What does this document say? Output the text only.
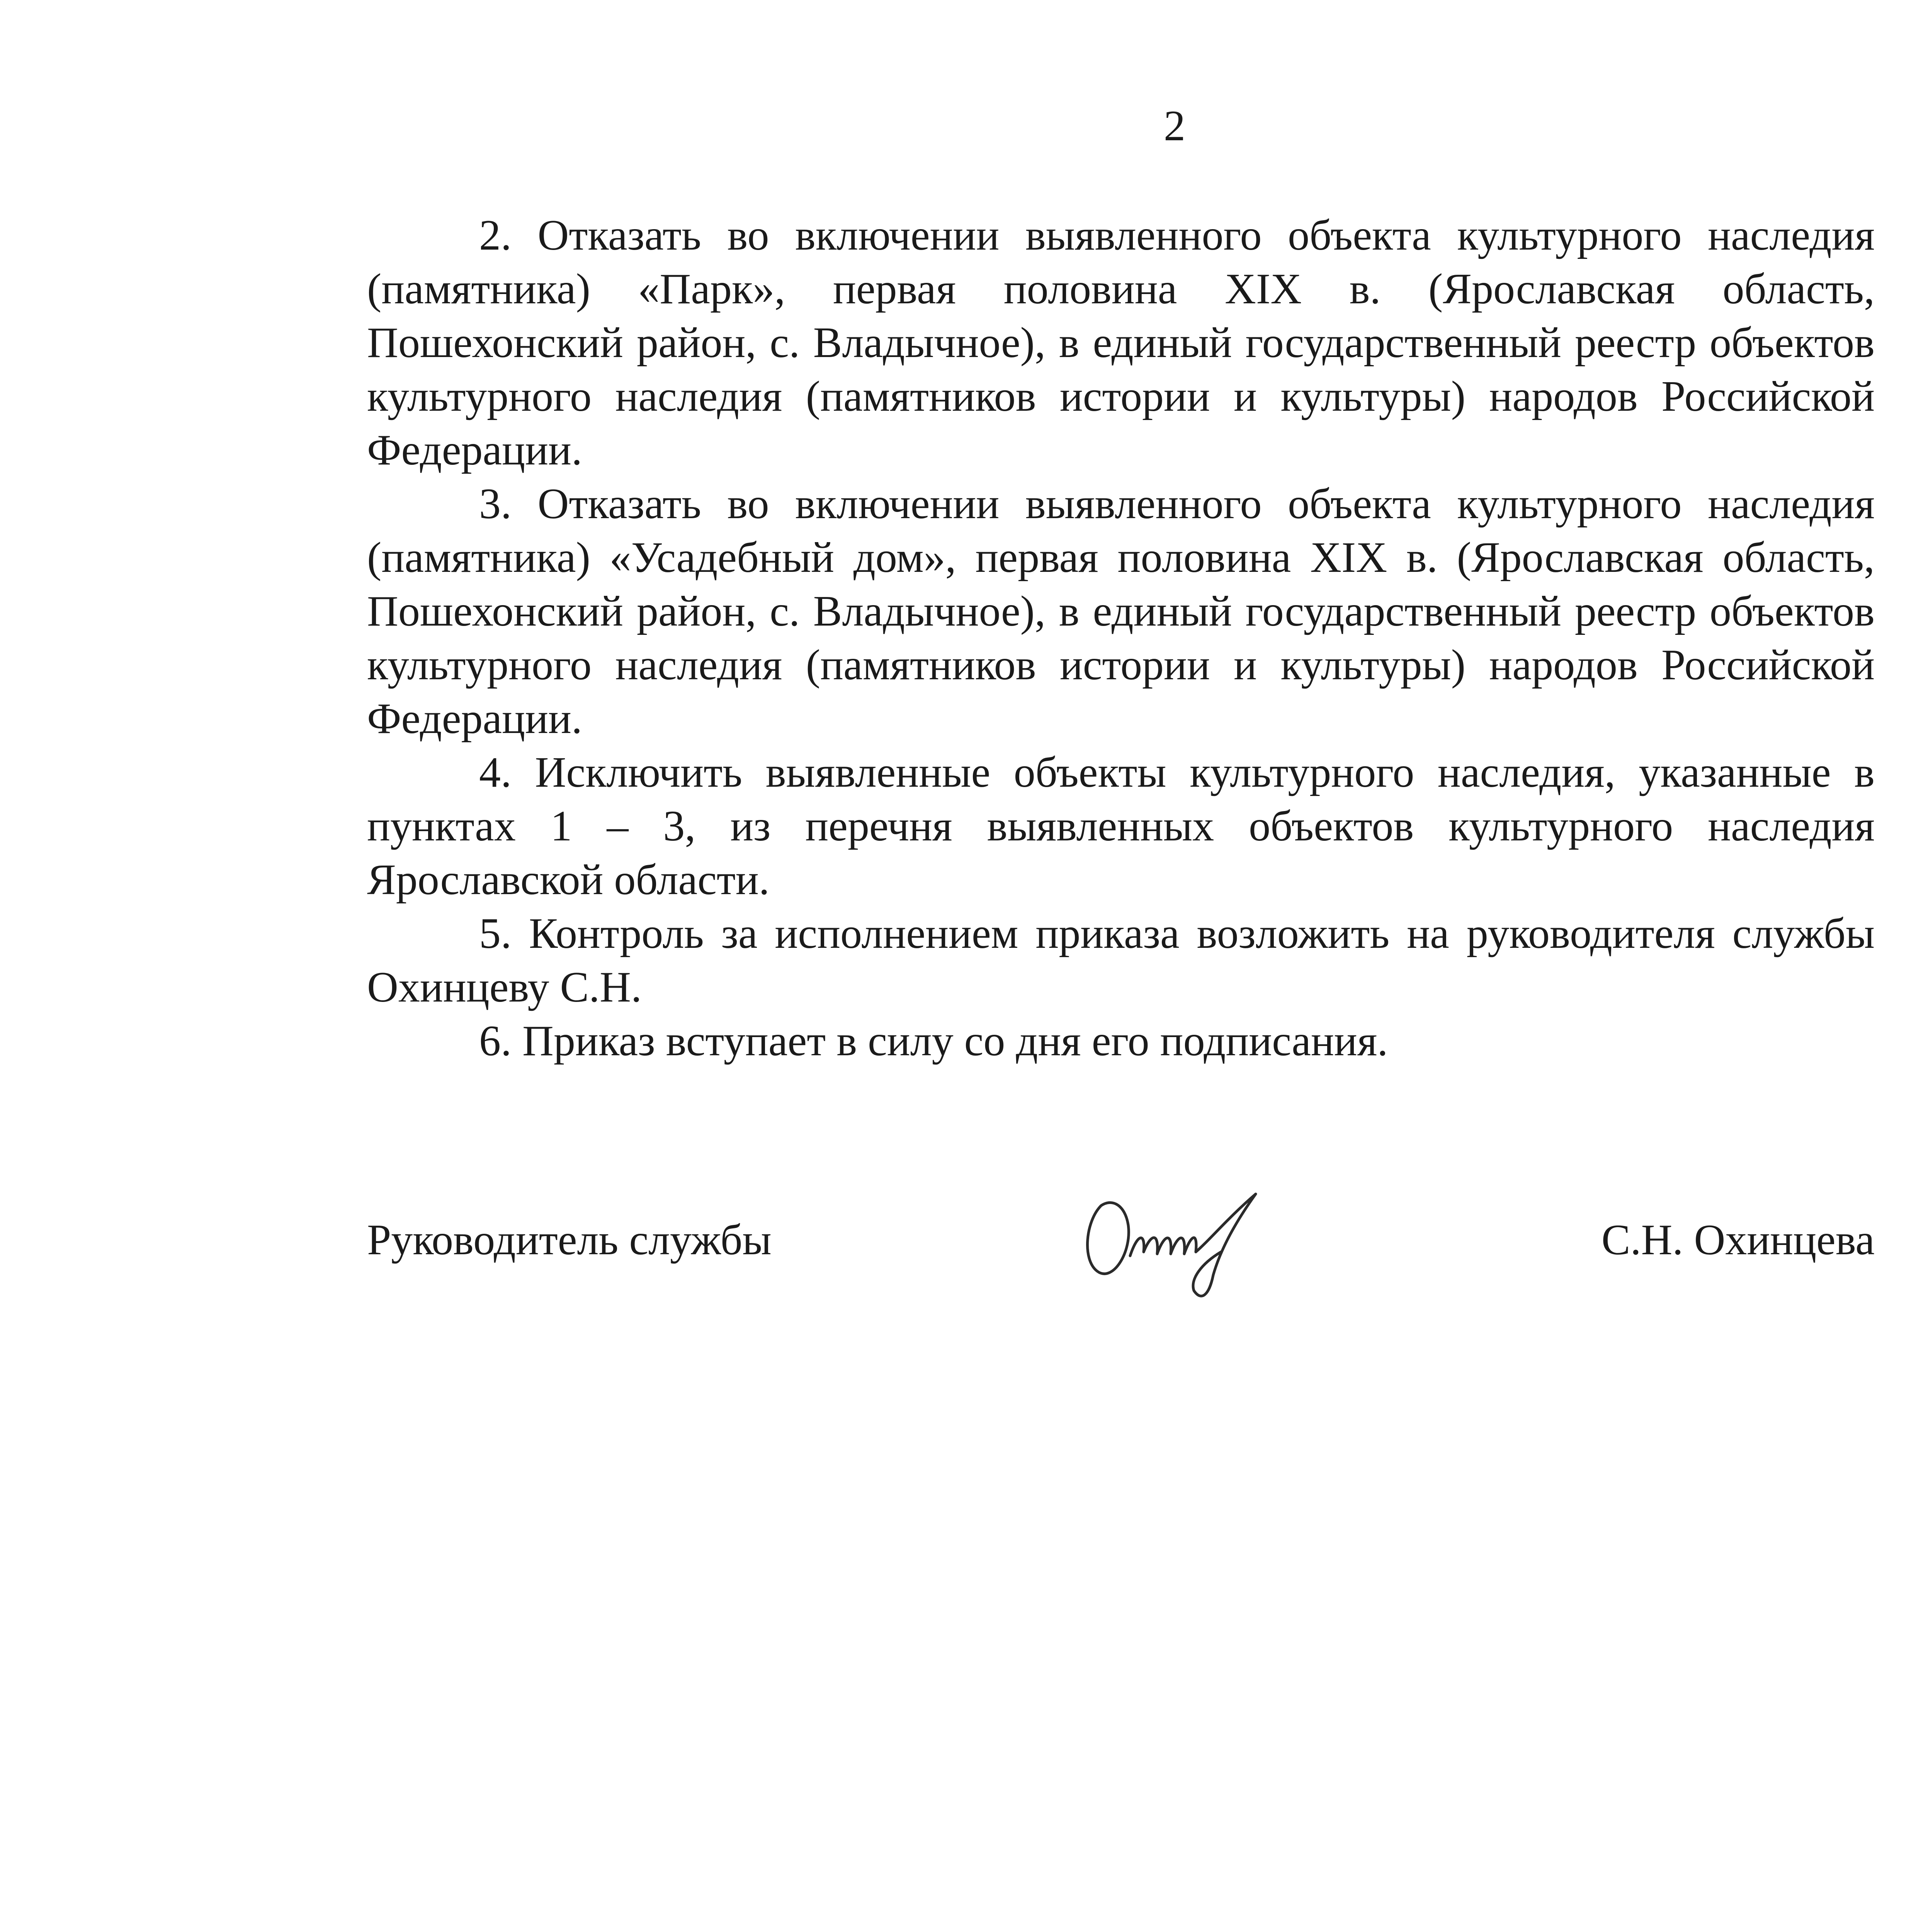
2

2. Отказать во включении выявленного объекта культурного наследия (памятника) «Парк», первая половина XIX в. (Ярославская область, Пошехонский район, с. Владычное), в единый государственный реестр объектов культурного наследия (памятников истории и культуры) народов Российской Федерации.

3. Отказать во включении выявленного объекта культурного наследия (памятника) «Усадебный дом», первая половина XIX в. (Ярославская область, Пошехонский район, с. Владычное), в единый государственный реестр объектов культурного наследия (памятников истории и культуры) народов Российской Федерации.

4. Исключить выявленные объекты культурного наследия, указанные в пунктах 1 – 3, из перечня выявленных объектов культурного наследия Ярославской области.

5. Контроль за исполнением приказа возложить на руководителя службы Охинцеву С.Н.

6. Приказ вступает в силу со дня его подписания.

Руководитель службы	С.Н. Охинцева
